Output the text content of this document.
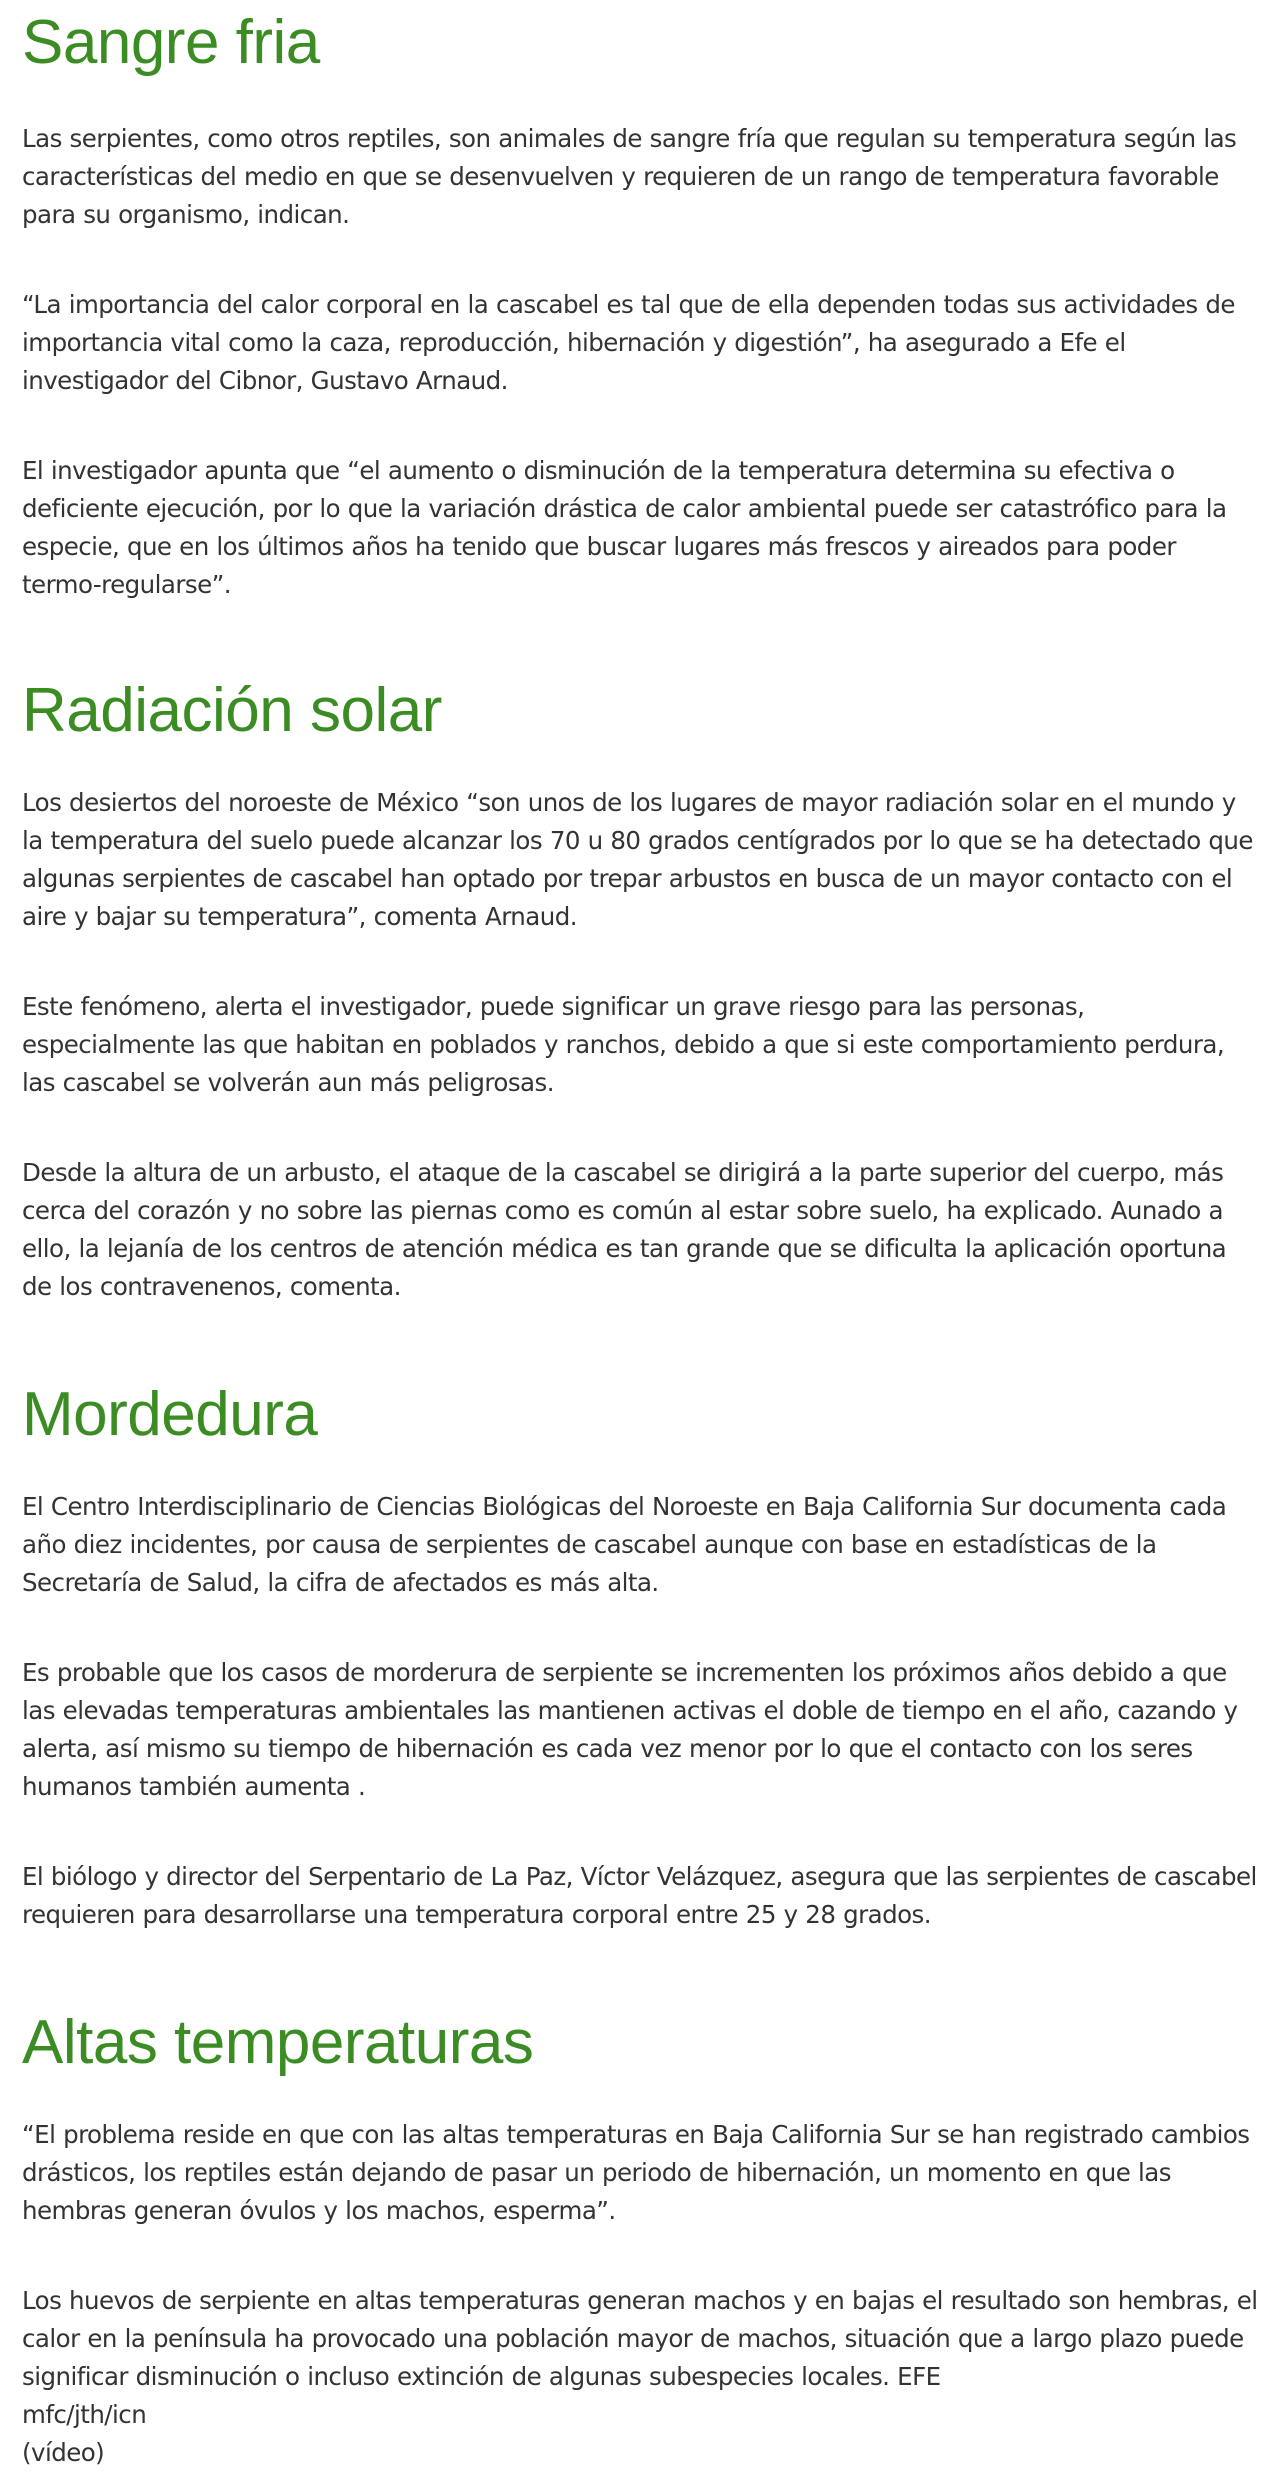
Sangre fria

Las serpientes, como otros reptiles, son animales de sangre fría que regulan su temperatura según las características del medio en que se desenvuelven y requieren de un rango de temperatura favorable para su organismo, indican.

“La importancia del calor corporal en la cascabel es tal que de ella dependen todas sus actividades de importancia vital como la caza, reproducción, hibernación y digestión”, ha asegurado a Efe el investigador del Cibnor, Gustavo Arnaud.

El investigador apunta que “el aumento o disminución de la temperatura determina su efectiva o deficiente ejecución, por lo que la variación drástica de calor ambiental puede ser catastrófico para la especie, que en los últimos años ha tenido que buscar lugares más frescos y aireados para poder termo-regularse”.

Radiación solar

Los desiertos del noroeste de México “son unos de los lugares de mayor radiación solar en el mundo y la temperatura del suelo puede alcanzar los 70 u 80 grados centígrados por lo que se ha detectado que algunas serpientes de cascabel han optado por trepar arbustos en busca de un mayor contacto con el aire y bajar su temperatura”, comenta Arnaud.

Este fenómeno, alerta el investigador, puede significar un grave riesgo para las personas, especialmente las que habitan en poblados y ranchos, debido a que si este comportamiento perdura, las cascabel se volverán aun más peligrosas.

Desde la altura de un arbusto, el ataque de la cascabel se dirigirá a la parte superior del cuerpo, más cerca del corazón y no sobre las piernas como es común al estar sobre suelo, ha explicado. Aunado a ello, la lejanía de los centros de atención médica es tan grande que se dificulta la aplicación oportuna de los contravenenos, comenta.

Mordedura

El Centro Interdisciplinario de Ciencias Biológicas del Noroeste en Baja California Sur documenta cada año diez incidentes, por causa de serpientes de cascabel aunque con base en estadísticas de la Secretaría de Salud, la cifra de afectados es más alta.

Es probable que los casos de morderura de serpiente se incrementen los próximos años debido a que las elevadas temperaturas ambientales las mantienen activas el doble de tiempo en el año, cazando y alerta, así mismo su tiempo de hibernación es cada vez menor por lo que el contacto con los seres humanos también aumenta .

El biólogo y director del Serpentario de La Paz, Víctor Velázquez, asegura que las serpientes de cascabel requieren para desarrollarse una temperatura corporal entre 25 y 28 grados.

Altas temperaturas

“El problema reside en que con las altas temperaturas en Baja California Sur se han registrado cambios drásticos, los reptiles están dejando de pasar un periodo de hibernación, un momento en que las hembras generan óvulos y los machos, esperma”.

Los huevos de serpiente en altas temperaturas generan machos y en bajas el resultado son hembras, el calor en la península ha provocado una población mayor de machos, situación que a largo plazo puede significar disminución o incluso extinción de algunas subespecies locales. EFE

mfc/jth/icn

(vídeo)
